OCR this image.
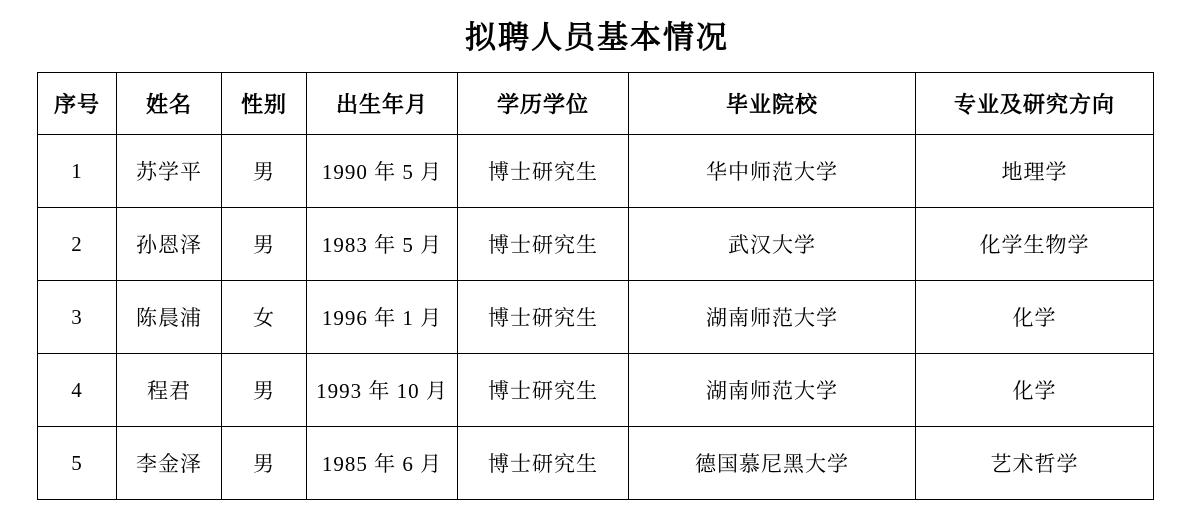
拟聘人员基本情况
序号	姓名	性别	出生年月	学历学位	毕业院校	专业及研究方向
1	苏学平	男	1990 年 5 月	博士研究生	华中师范大学	地理学
2	孙恩泽	男	1983 年 5 月	博士研究生	武汉大学	化学生物学
3	陈晨浦	女	1996 年 1 月	博士研究生	湖南师范大学	化学
4	程君	男	1993 年 10 月	博士研究生	湖南师范大学	化学
5	李金泽	男	1985 年 6 月	博士研究生	德国慕尼黑大学	艺术哲学
